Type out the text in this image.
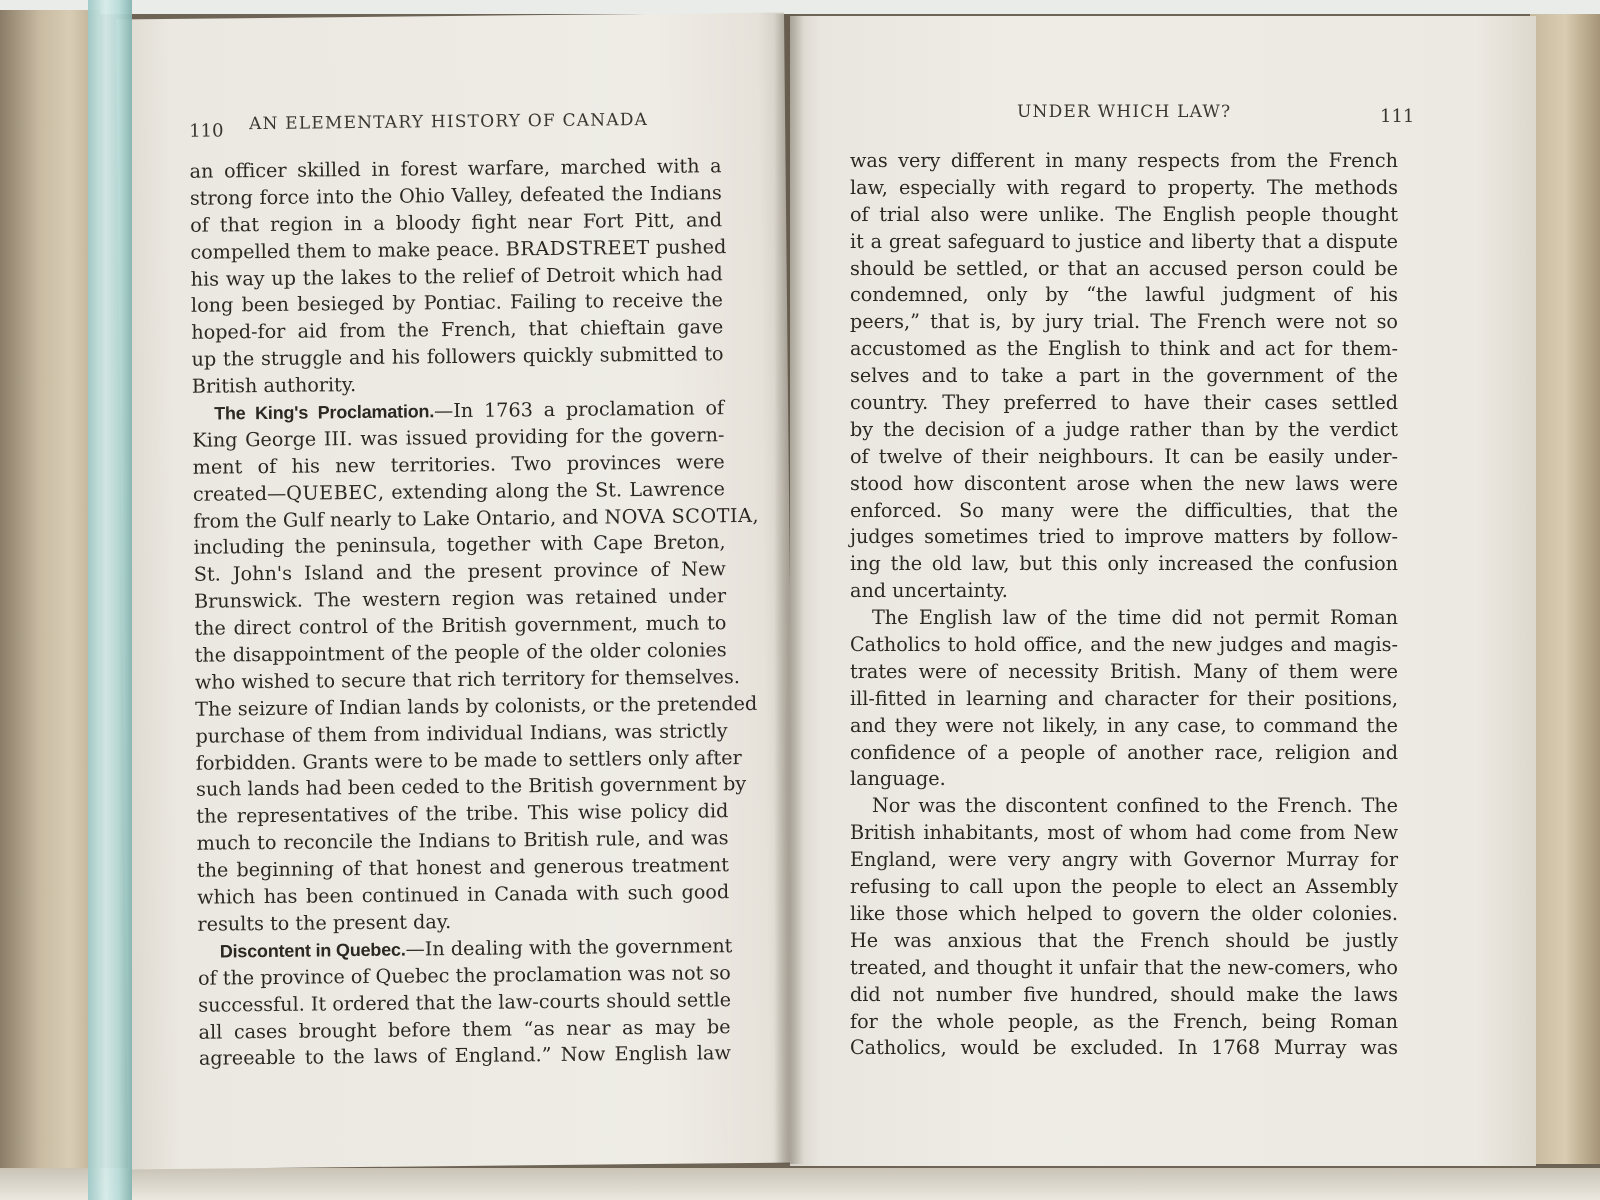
110 AN ELEMENTARY HISTORY OF CANADA
an officer skilled in forest warfare, marched with a
strong force into the Ohio Valley, defeated the Indians
of that region in a bloody fight near Fort Pitt, and
compelled them to make peace. BRADSTREET pushed
his way up the lakes to the relief of Detroit which had
long been besieged by Pontiac. Failing to receive the
hoped-for aid from the French, that chieftain gave
up the struggle and his followers quickly submitted to
British authority.
The King's Proclamation.—In 1763 a proclamation of
King George III. was issued providing for the govern-
ment of his new territories. Two provinces were
created—QUEBEC, extending along the St. Lawrence
from the Gulf nearly to Lake Ontario, and NOVA SCOTIA,
including the peninsula, together with Cape Breton,
St. John's Island and the present province of New
Brunswick. The western region was retained under
the direct control of the British government, much to
the disappointment of the people of the older colonies
who wished to secure that rich territory for themselves.
The seizure of Indian lands by colonists, or the pretended
purchase of them from individual Indians, was strictly
forbidden. Grants were to be made to settlers only after
such lands had been ceded to the British government by
the representatives of the tribe. This wise policy did
much to reconcile the Indians to British rule, and was
the beginning of that honest and generous treatment
which has been continued in Canada with such good
results to the present day.
Discontent in Quebec.—In dealing with the government
of the province of Quebec the proclamation was not so
successful. It ordered that the law-courts should settle
all cases brought before them “as near as may be
agreeable to the laws of England.” Now English law
UNDER WHICH LAW?	111
was very different in many respects from the French
law, especially with regard to property. The methods
of trial also were unlike. The English people thought
it a great safeguard to justice and liberty that a dispute
should be settled, or that an accused person could be
condemned, only by “the lawful judgment of his
peers,” that is, by jury trial. The French were not so
accustomed as the English to think and act for them-
selves and to take a part in the government of the
country. They preferred to have their cases settled
by the decision of a judge rather than by the verdict
of twelve of their neighbours. It can be easily under-
stood how discontent arose when the new laws were
enforced. So many were the difficulties, that the
judges sometimes tried to improve matters by follow-
ing the old law, but this only increased the confusion
and uncertainty.
The English law of the time did not permit Roman
Catholics to hold office, and the new judges and magis-
trates were of necessity British. Many of them were
ill-fitted in learning and character for their positions,
and they were not likely, in any case, to command the
confidence of a people of another race, religion and
language.
Nor was the discontent confined to the French. The
British inhabitants, most of whom had come from New
England, were very angry with Governor Murray for
refusing to call upon the people to elect an Assembly
like those which helped to govern the older colonies.
He was anxious that the French should be justly
treated, and thought it unfair that the new-comers, who
did not number five hundred, should make the laws
for the whole people, as the French, being Roman
Catholics, would be excluded. In 1768 Murray was
